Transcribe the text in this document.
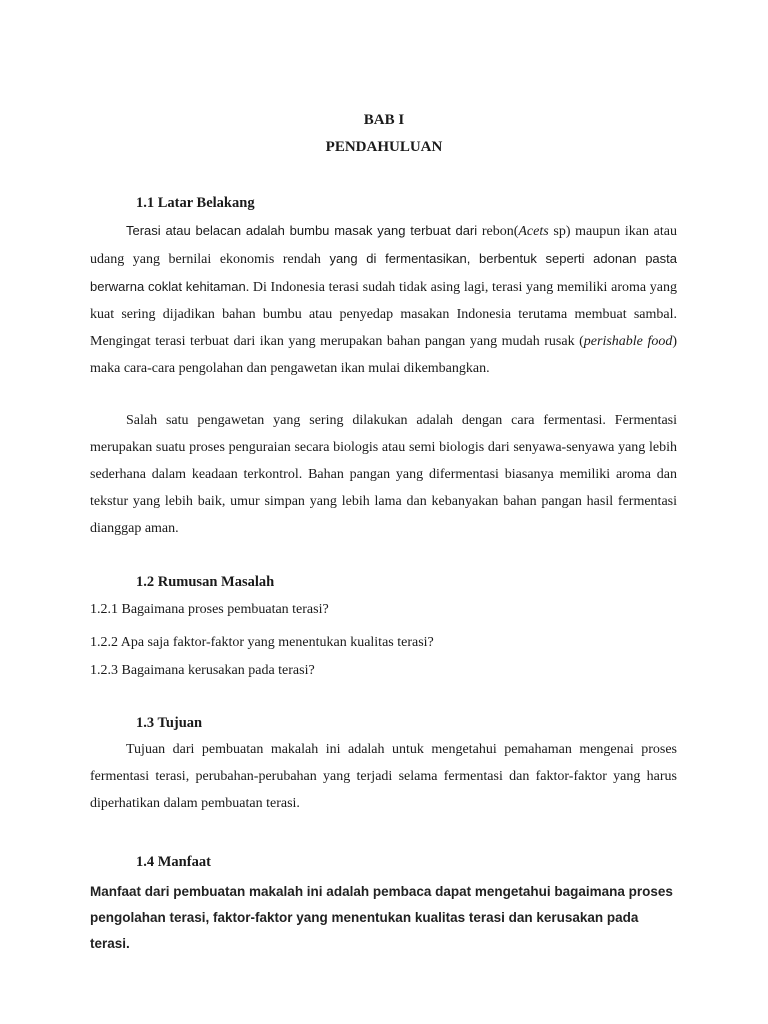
BAB I
PENDAHULUAN
1.1 Latar Belakang

Terasi atau belacan adalah bumbu masak yang terbuat dari rebon(Acets sp) maupun ikan atau udang yang bernilai ekonomis rendah yang di fermentasikan, berbentuk seperti adonan pasta berwarna coklat kehitaman. Di Indonesia terasi sudah tidak asing lagi, terasi yang memiliki aroma yang kuat sering dijadikan bahan bumbu atau penyedap masakan Indonesia terutama membuat sambal. Mengingat terasi terbuat dari ikan yang merupakan bahan pangan yang mudah rusak (perishable food) maka cara-cara pengolahan dan pengawetan ikan mulai dikembangkan.

Salah satu pengawetan yang sering dilakukan adalah dengan cara fermentasi. Fermentasi merupakan suatu proses penguraian secara biologis atau semi biologis dari senyawa-senyawa yang lebih sederhana dalam keadaan terkontrol. Bahan pangan yang difermentasi biasanya memiliki aroma dan tekstur yang lebih baik, umur simpan yang lebih lama dan kebanyakan bahan pangan hasil fermentasi dianggap aman.

1.2 Rumusan Masalah
1.2.1 Bagaimana proses pembuatan terasi?
1.2.2 Apa saja faktor-faktor yang menentukan kualitas terasi?
1.2.3 Bagaimana kerusakan pada terasi?
1.3 Tujuan

Tujuan dari pembuatan makalah ini adalah untuk mengetahui pemahaman mengenai proses fermentasi terasi, perubahan-perubahan yang terjadi selama fermentasi dan faktor-faktor yang harus diperhatikan dalam pembuatan terasi.

1.4 Manfaat

Manfaat dari pembuatan makalah ini adalah pembaca dapat mengetahui bagaimana proses pengolahan terasi, faktor-faktor yang menentukan kualitas terasi dan kerusakan pada terasi.
